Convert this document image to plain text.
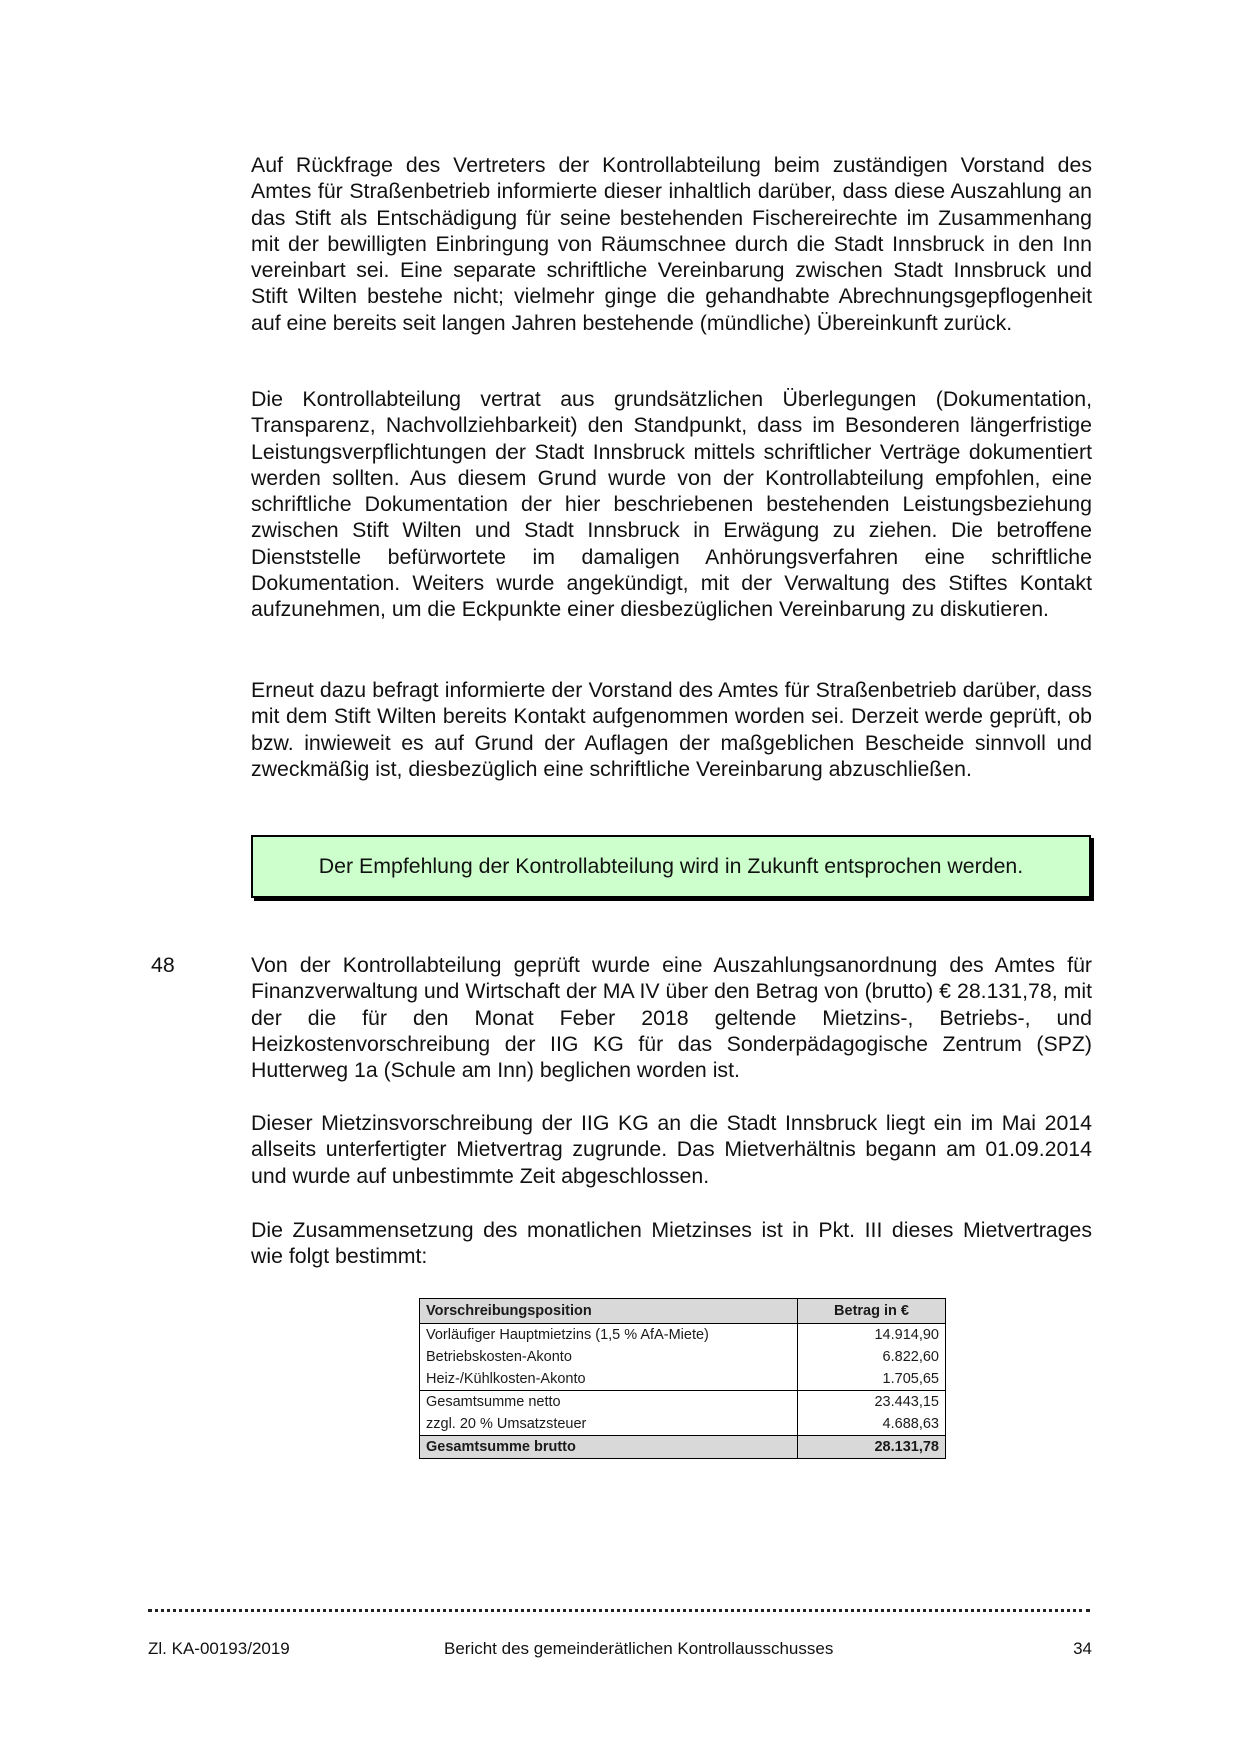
Auf Rückfrage des Vertreters der Kontrollabteilung beim zuständigen Vorstand des Amtes für Straßenbetrieb informierte dieser inhaltlich darüber, dass diese Auszahlung an das Stift als Entschädigung für seine bestehenden Fischereirechte im Zusammenhang mit der bewilligten Einbringung von Räumschnee durch die Stadt Innsbruck in den Inn vereinbart sei. Eine separate schriftliche Vereinbarung zwischen Stadt Innsbruck und Stift Wilten bestehe nicht; vielmehr ginge die gehandhabte Abrechnungsgepflogenheit auf eine bereits seit langen Jahren bestehende (mündliche) Übereinkunft zurück.

Die Kontrollabteilung vertrat aus grundsätzlichen Überlegungen (Dokumentation, Transparenz, Nachvollziehbarkeit) den Standpunkt, dass im Besonderen längerfristige Leistungsverpflichtungen der Stadt Innsbruck mittels schriftlicher Verträge dokumentiert werden sollten. Aus diesem Grund wurde von der Kontrollabteilung empfohlen, eine schriftliche Dokumentation der hier beschriebenen bestehenden Leistungsbeziehung zwischen Stift Wilten und Stadt Innsbruck in Erwägung zu ziehen. Die betroffene Dienststelle befürwortete im damaligen Anhörungsverfahren eine schriftliche Dokumentation. Weiters wurde angekündigt, mit der Verwaltung des Stiftes Kontakt aufzunehmen, um die Eckpunkte einer diesbezüglichen Vereinbarung zu diskutieren.

Erneut dazu befragt informierte der Vorstand des Amtes für Straßenbetrieb darüber, dass mit dem Stift Wilten bereits Kontakt aufgenommen worden sei. Derzeit werde geprüft, ob bzw. inwieweit es auf Grund der Auflagen der maßgeblichen Bescheide sinnvoll und zweckmäßig ist, diesbezüglich eine schriftliche Vereinbarung abzuschließen.

Der Empfehlung der Kontrollabteilung wird in Zukunft entsprochen werden.
48	Von der Kontrollabteilung geprüft wurde eine Auszahlungsanordnung des Amtes für Finanzverwaltung und Wirtschaft der MA IV über den Betrag von (brutto) € 28.131,78, mit der die für den Monat Feber 2018 geltende Mietzins-, Betriebs-, und Heizkostenvorschreibung der IIG KG für das Sonderpädagogische Zentrum (SPZ) Hutterweg 1a (Schule am Inn) beglichen worden ist.

Dieser Mietzinsvorschreibung der IIG KG an die Stadt Innsbruck liegt ein im Mai 2014 allseits unterfertigter Mietvertrag zugrunde. Das Mietverhältnis begann am 01.09.2014 und wurde auf unbestimmte Zeit abgeschlossen.

Die Zusammensetzung des monatlichen Mietzinses ist in Pkt. III dieses Mietvertrages wie folgt bestimmt:

Vorschreibungsposition	Betrag in €
Vorläufiger Hauptmietzins (1,5 % AfA-Miete)	14.914,90
Betriebskosten-Akonto	6.822,60
Heiz-/Kühlkosten-Akonto	1.705,65
Gesamtsumme netto	23.443,15
zzgl. 20 % Umsatzsteuer	4.688,63
Gesamtsumme brutto	28.131,78
Zl. KA-00193/2019	Bericht des gemeinderätlichen Kontrollausschusses	34
